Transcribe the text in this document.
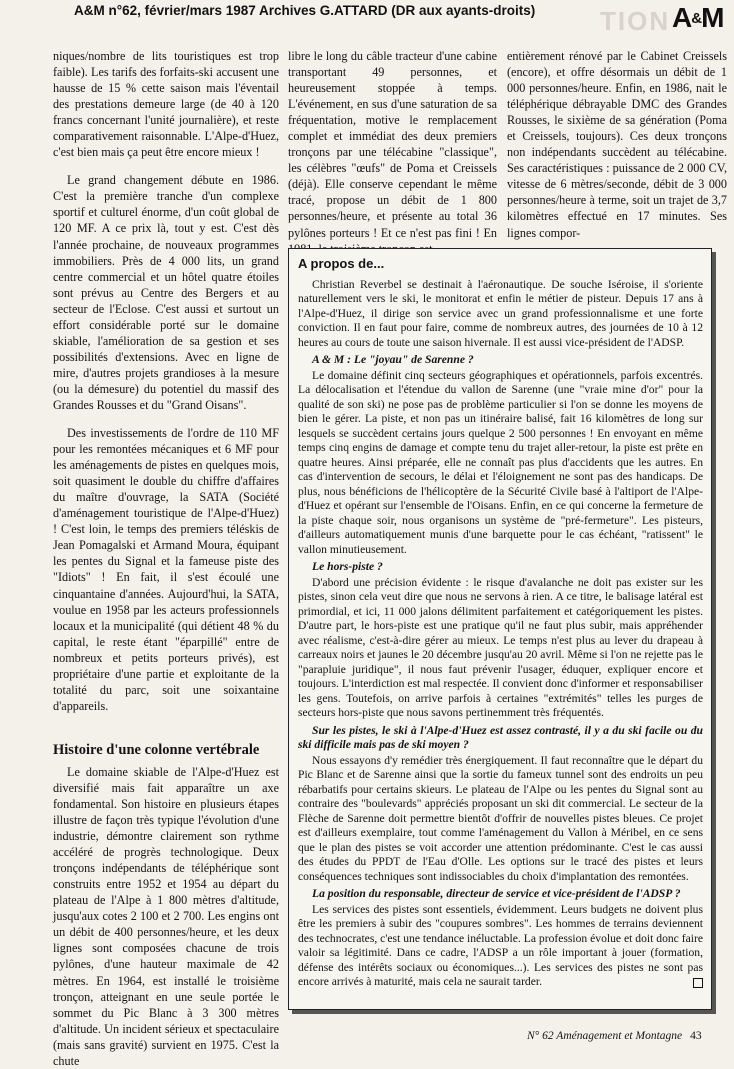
A&M n°62, février/mars 1987 Archives G.ATTARD (DR aux ayants-droits) TION A&M

niques/nombre de lits touristiques est trop faible). Les tarifs des forfaits-ski accusent une hausse de 15 % cette saison mais l'éventail des prestations demeure large (de 40 à 120 francs concernant l'unité journalière), et reste comparativement raisonnable. L'Alpe-d'Huez, c'est bien mais ça peut être encore mieux !

Le grand changement débute en 1986. C'est la première tranche d'un complexe sportif et culturel énorme, d'un coût global de 120 MF. A ce prix là, tout y est. C'est dès l'année prochaine, de nouveaux programmes immobiliers. Près de 4 000 lits, un grand centre commercial et un hôtel quatre étoiles sont prévus au Centre des Bergers et au secteur de l'Eclose. C'est aussi et surtout un effort considérable porté sur le domaine skiable, l'amélioration de sa gestion et ses possibilités d'extensions. Avec en ligne de mire, d'autres projets grandioses à la mesure (ou la démesure) du potentiel du massif des Grandes Rousses et du "Grand Oisans".

Des investissements de l'ordre de 110 MF pour les remontées mécaniques et 6 MF pour les aménagements de pistes en quelques mois, soit quasiment le double du chiffre d'affaires du maître d'ouvrage, la SATA (Société d'aménagement touristique de l'Alpe-d'Huez) ! C'est loin, le temps des premiers téléskis de Jean Pomagalski et Armand Moura, équipant les pentes du Signal et la fameuse piste des "Idiots" ! En fait, il s'est écoulé une cinquantaine d'années. Aujourd'hui, la SATA, voulue en 1958 par les acteurs professionnels locaux et la municipalité (qui détient 48 % du capital, le reste étant "éparpillé" entre de nombreux et petits porteurs privés), est propriétaire d'une partie et exploitante de la totalité du parc, soit une soixantaine d'appareils.

Histoire d'une colonne vertébrale

Le domaine skiable de l'Alpe-d'Huez est diversifié mais fait apparaître un axe fondamental. Son histoire en plusieurs étapes illustre de façon très typique l'évolution d'une industrie, démontre clairement son rythme accéléré de progrès technologique. Deux tronçons indépendants de téléphérique sont construits entre 1952 et 1954 au départ du plateau de l'Alpe à 1 800 mètres d'altitude, jusqu'aux cotes 2 100 et 2 700. Les engins ont un débit de 400 personnes/heure, et les deux lignes sont composées chacune de trois pylônes, d'une hauteur maximale de 42 mètres. En 1964, est installé le troisième tronçon, atteignant en une seule portée le sommet du Pic Blanc à 3 300 mètres d'altitude. Un incident sérieux et spectaculaire (mais sans gravité) survient en 1975. C'est la chute

libre le long du câble tracteur d'une cabine transportant 49 personnes, et heureusement stoppée à temps. L'événement, en sus d'une saturation de sa fréquentation, motive le remplacement complet et immédiat des deux premiers tronçons par une télécabine "classique", les célèbres "œufs" de Poma et Creissels (déjà). Elle conserve cependant le même tracé, propose un débit de 1 800 personnes/heure, et présente au total 36 pylônes porteurs ! Et ce n'est pas fini ! En

entièrement rénové par le Cabinet Creissels (encore), et offre désormais un débit de 1 000 personnes/heure. Enfin, en 1986, nait le téléphérique débrayable DMC des Grandes Rousses, le sixième de sa génération (Poma et Creissels, toujours). Ces deux tronçons non indépendants succèdent au télécabine. Ses caractéristiques : puissance de 2 000 CV, vitesse de 6 mètres/seconde, débit de 3 000 personnes/heure à terme, soit un trajet de 3,7 kilomètres effectué en 17 minutes. Ses lignes compor-

A propos de...

Christian Reverbel se destinait à l'aéronautique. De souche Iséroise, il s'oriente naturellement vers le ski, le monitorat et enfin le métier de pisteur. Depuis 17 ans à l'Alpe-d'Huez, il dirige son service avec un grand professionnalisme et une forte conviction. Il en faut pour faire, comme de nombreux autres, des journées de 10 à 12 heures au cours de toute une saison hivernale. Il est aussi vice-président de l'ADSP.

A & M : Le "joyau" de Sarenne ?

Le domaine définit cinq secteurs géographiques et opérationnels, parfois excentrés. La délocalisation et l'étendue du vallon de Sarenne (une "vraie mine d'or" pour la qualité de son ski) ne pose pas de problème particulier si l'on se donne les moyens de bien le gérer. La piste, et non pas un itinéraire balisé, fait 16 kilomètres de long sur lesquels se succèdent certains jours quelque 2 500 personnes ! En envoyant en même temps cinq engins de damage et compte tenu du trajet aller-retour, la piste est prête en quatre heures. Ainsi préparée, elle ne connaît pas plus d'accidents que les autres. En cas d'intervention de secours, le délai et l'éloignement ne sont pas des handicaps. De plus, nous bénéficions de l'hélicoptère de la Sécurité Civile basé à l'altiport de l'Alpe-d'Huez et opérant sur l'ensemble de l'Oisans. Enfin, en ce qui concerne la fermeture de la piste chaque soir, nous organisons un système de "pré-fermeture". Les pisteurs, d'ailleurs automatiquement munis d'une barquette pour le cas échéant, "ratissent" le vallon minutieusement.

Le hors-piste ?

D'abord une précision évidente : le risque d'avalanche ne doit pas exister sur les pistes, sinon cela veut dire que nous ne servons à rien. A ce titre, le balisage latéral est primordial, et ici, 11 000 jalons délimitent parfaitement et catégoriquement les pistes. D'autre part, le hors-piste est une pratique qu'il ne faut plus subir, mais appréhender avec réalisme, c'est-à-dire gérer au mieux. Le temps n'est plus au lever du drapeau à carreaux noirs et jaunes le 20 décembre jusqu'au 20 avril. Même si l'on ne rejette pas le "parapluie juridique", il nous faut prévenir l'usager, éduquer, expliquer encore et toujours. L'interdiction est mal respectée. Il convient donc d'informer et responsabiliser les gens. Toutefois, on arrive parfois à certaines "extrémités" telles les purges de secteurs hors-piste que nous savons pertinemment très fréquentés.

Sur les pistes, le ski à l'Alpe-d'Huez est assez contrasté, il y a du ski facile ou du ski difficile mais pas de ski moyen ?

Nous essayons d'y remédier très énergiquement. Il faut reconnaître que le départ du Pic Blanc et de Sarenne ainsi que la sortie du fameux tunnel sont des endroits un peu rébarbatifs pour certains skieurs. Le plateau de l'Alpe ou les pentes du Signal sont au contraire des "boulevards" appréciés proposant un ski dit commercial. Le secteur de la Flèche de Sarenne doit permettre bientôt d'offrir de nouvelles pistes bleues. Ce projet est d'ailleurs exemplaire, tout comme l'aménagement du Vallon à Méribel, en ce sens que le plan des pistes se voit accorder une attention prédominante. C'est le cas aussi des études du PPDT de l'Eau d'Olle. Les options sur le tracé des pistes et leurs conséquences techniques sont indissociables du choix d'implantation des remontées.

La position du responsable, directeur de service et vice-président de l'ADSP ?

Les services des pistes sont essentiels, évidemment. Leurs budgets ne doivent plus être les premiers à subir des "coupures sombres". Les hommes de terrains deviennent des technocrates, c'est une tendance inéluctable. La profession évolue et doit donc faire valoir sa légitimité. Dans ce cadre, l'ADSP a un rôle important à jouer (formation, défense des intérêts sociaux ou économiques...). Les services des pistes ne sont pas encore arrivés à maturité, mais cela ne saurait tarder.

N° 62 Aménagement et Montagne 43
